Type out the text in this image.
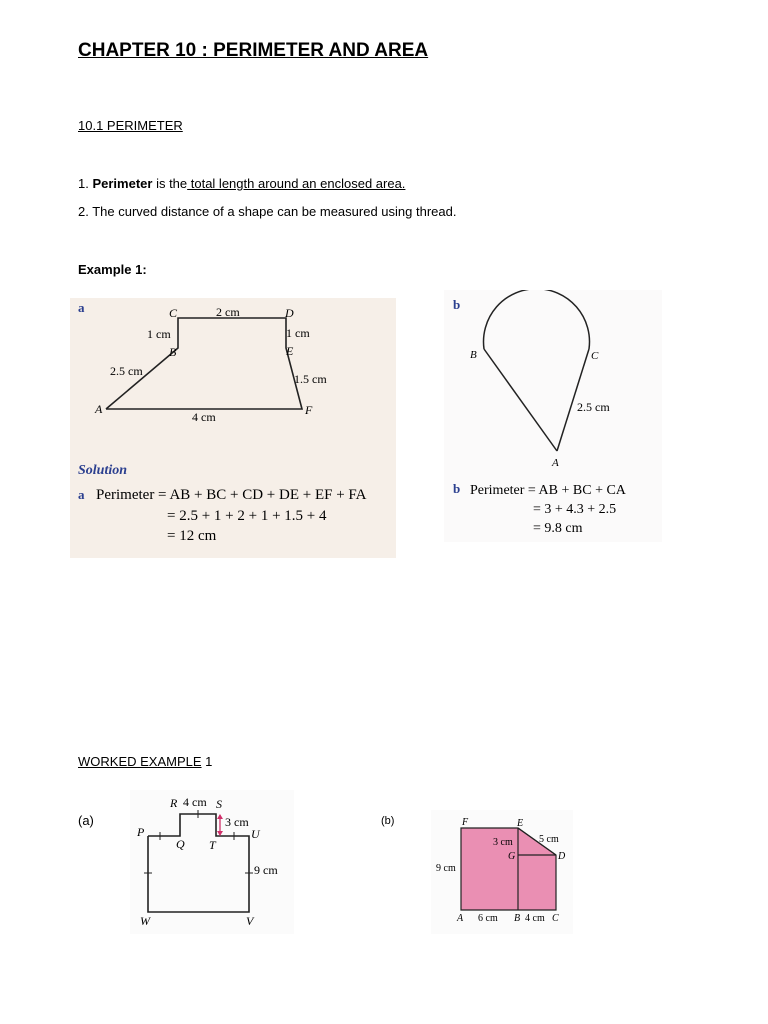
CHAPTER 10 : PERIMETER AND AREA
10.1 PERIMETER
1. Perimeter is the total length around an enclosed area.
2. The curved distance of a shape can be measured using thread.
Example 1:
a	C	D
B	E
A	F
2 cm
1 cm	1 cm
2.5 cm
1.5 cm
4 cm
Solution
a Perimeter = AB + BC + CD + DE + EF + FA
= 2.5 + 1 + 2 + 1 + 1.5 + 4
= 12 cm
b
B	C
A
2.5 cm
b Perimeter = AB + BC + CA
= 3 + 4.3 + 2.5
= 9.8 cm
WORKED EXAMPLE 1
(a)	(b)
R 4 cm S
3 cm
P	U
Q T
9 cm
W	V
F	E
3 cm	5 cm
G	D
9 cm
A 6 cm B 4 cm C
